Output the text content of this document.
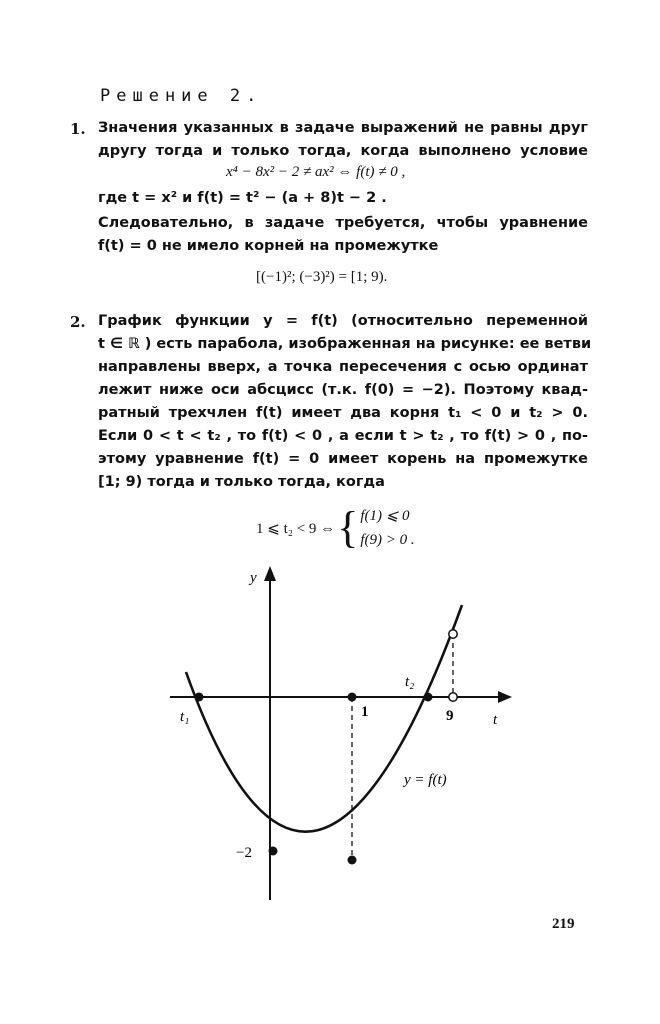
Решение 2.
1. Значения указанных в задаче выражений не равны друг
другу тогда и только тогда, когда выполнено условие
x⁴ − 8x² − 2 ≠ ax² ⇔ f(t) ≠ 0 ,
где t = x² и f(t) = t² − (a + 8)t − 2 .
Следовательно, в задаче требуется, чтобы уравнение
f(t) = 0 не имело корней на промежутке
[(−1)²; (−3)²) = [1; 9).
2. График функции y = f(t) (относительно переменной
t ∈ ℝ ) есть парабола, изображенная на рисунке: ее ветви
направлены вверх, а точка пересечения с осью ординат
лежит ниже оси абсцисс (т.к. f(0) = −2). Поэтому квад-
ратный трехчлен f(t) имеет два корня t₁ < 0 и t₂ > 0.
Если 0 < t < t₂ , то f(t) < 0 , а если t > t₂ , то f(t) > 0 , по-
этому уравнение f(t) = 0 имеет корень на промежутке
[1; 9) тогда и только тогда, когда
1 ⩽ t₂ < 9 ⇔ { f(1) ⩽ 0
f(9) > 0 .
y
t
t₁
t₂
1	9
−2
y = f(t)
219
